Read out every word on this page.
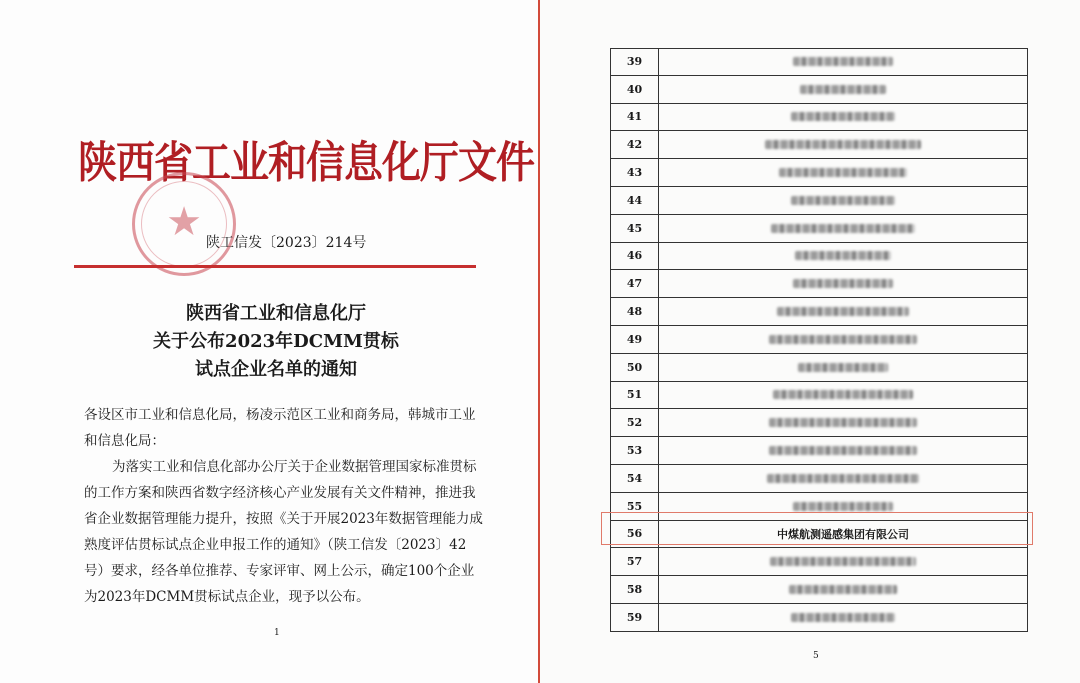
陕西省工业和信息化厅文件
★ 陕工信发〔2023〕214号
陕西省工业和信息化厅
关于公布2023年DCMM贯标
试点企业名单的通知

各设区市工业和信息化局，杨凌示范区工业和商务局，韩城市工业和信息化局：

为落实工业和信息化部办公厅关于企业数据管理国家标准贯标的工作方案和陕西省数字经济核心产业发展有关文件精神，推进我省企业数据管理能力提升，按照《关于开展2023年数据管理能力成熟度评估贯标试点企业申报工作的通知》（陕工信发〔2023〕42号）要求，经各单位推荐、专家评审、网上公示，确定100个企业为2023年DCMM贯标试点企业，现予以公布。

1
39
40
41
42
43
44
45
46
47
48
49
50
51
52
53
54
55
56	中煤航测遥感集团有限公司
57
58
59
5
